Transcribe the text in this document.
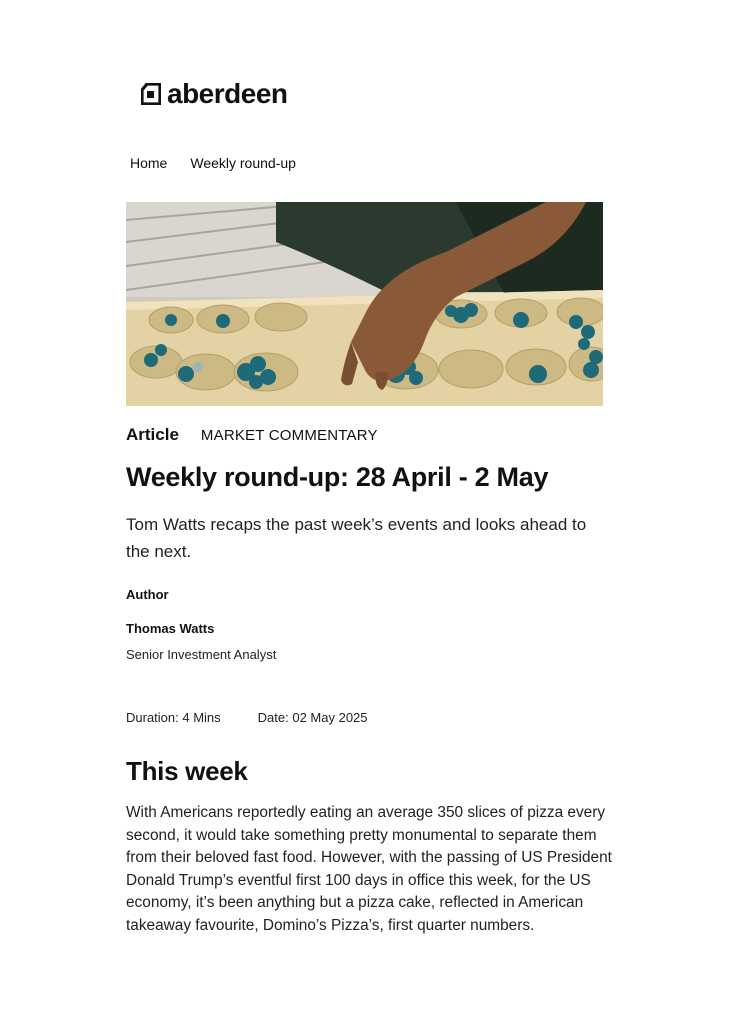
aberdeen
Home Weekly round-up
Article MARKET COMMENTARY
Weekly round-up: 28 April - 2 May

Tom Watts recaps the past week’s events and looks ahead to the next.

Author
Thomas Watts
Senior Investment Analyst
Duration: 4 Mins	Date: 02 May 2025
This week

With Americans reportedly eating an average 350 slices of pizza every second, it would take something pretty monumental to separate them from their beloved fast food. However, with the passing of US President Donald Trump’s eventful first 100 days in office this week, for the US economy, it’s been anything but a pizza cake, reflected in American takeaway favourite, Domino’s Pizza’s, first quarter numbers.
